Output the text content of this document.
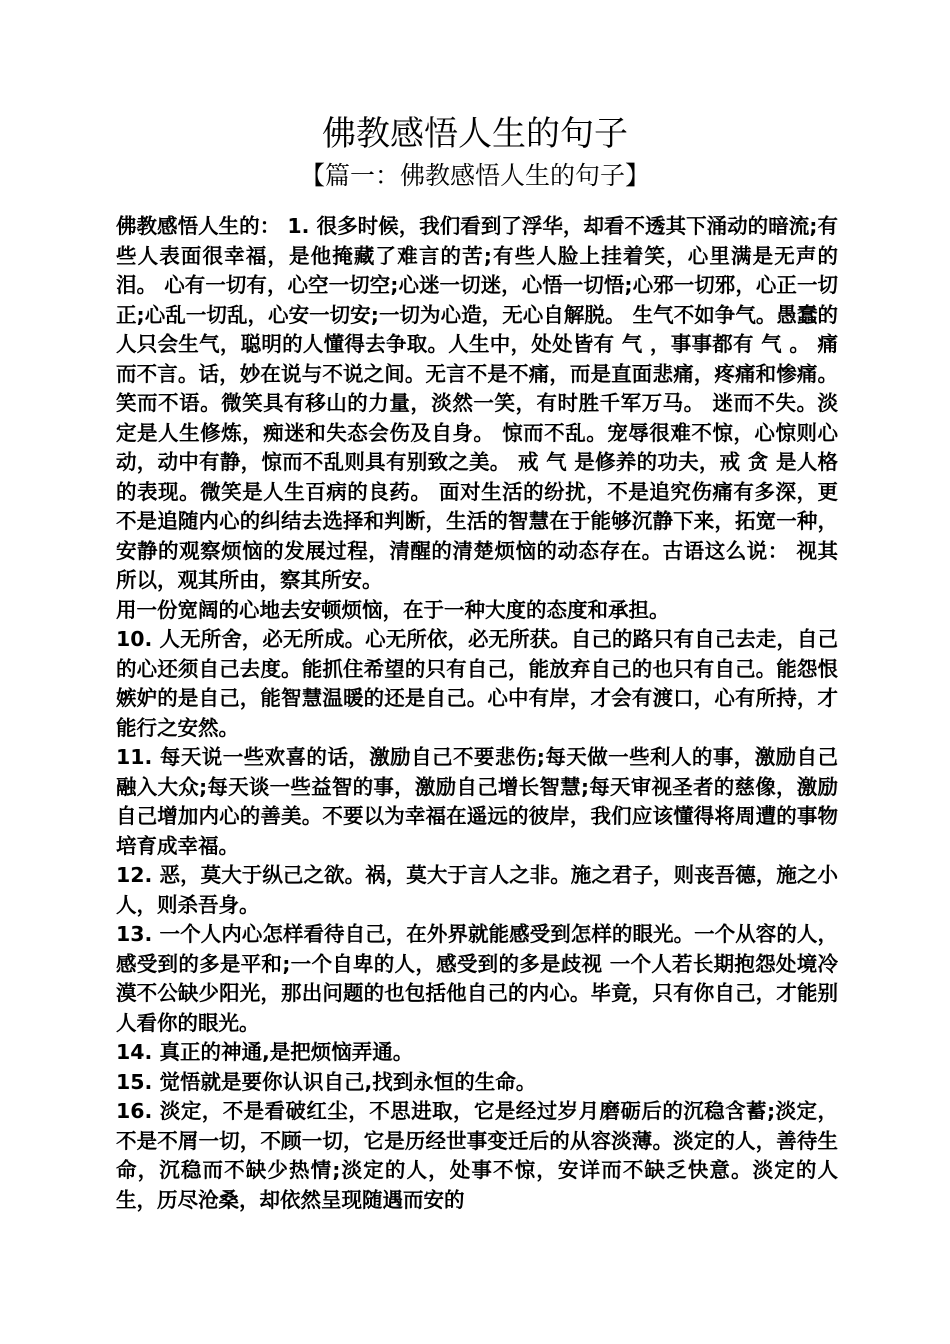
佛教感悟人生的句子
【篇一：佛教感悟人生的句子】

佛教感悟人生的： 1. 很多时候，我们看到了浮华，却看不透其下涌动的暗流;有些人表面很幸福，是他掩藏了难言的苦;有些人脸上挂着笑，心里满是无声的泪。 心有一切有，心空一切空;心迷一切迷，心悟一切悟;心邪一切邪，心正一切正;心乱一切乱，心安一切安;一切为心造，无心自解脱。 生气不如争气。愚蠢的人只会生气，聪明的人懂得去争取。人生中，处处皆有 气 ，事事都有 气 。 痛而不言。话，妙在说与不说之间。无言不是不痛，而是直面悲痛，疼痛和惨痛。 笑而不语。微笑具有移山的力量，淡然一笑，有时胜千军万马。 迷而不失。淡定是人生修炼，痴迷和失态会伤及自身。 惊而不乱。宠辱很难不惊，心惊则心动，动中有静，惊而不乱则具有别致之美。 戒 气 是修养的功夫，戒 贪 是人格的表现。微笑是人生百病的良药。 面对生活的纷扰，不是追究伤痛有多深，更不是追随内心的纠结去选择和判断，生活的智慧在于能够沉静下来，拓宽一种，安静的观察烦恼的发展过程，清醒的清楚烦恼的动态存在。古语这么说： 视其所以，观其所由，察其所安。

用一份宽阔的心地去安顿烦恼，在于一种大度的态度和承担。

10. 人无所舍，必无所成。心无所依，必无所获。自己的路只有自己去走，自己的心还须自己去度。能抓住希望的只有自己，能放弃自己的也只有自己。能怨恨嫉妒的是自己，能智慧温暖的还是自己。心中有岸，才会有渡口，心有所持，才能行之安然。

11. 每天说一些欢喜的话，激励自己不要悲伤;每天做一些利人的事，激励自己融入大众;每天谈一些益智的事，激励自己增长智慧;每天审视圣者的慈像，激励自己增加内心的善美。不要以为幸福在遥远的彼岸，我们应该懂得将周遭的事物培育成幸福。

12. 恶，莫大于纵己之欲。祸，莫大于言人之非。施之君子，则丧吾德，施之小人，则杀吾身。

13. 一个人内心怎样看待自己，在外界就能感受到怎样的眼光。一个从容的人，感受到的多是平和;一个自卑的人，感受到的多是歧视 一个人若长期抱怨处境冷漠不公缺少阳光，那出问题的也包括他自己的内心。毕竟，只有你自己，才能别人看你的眼光。

14. 真正的神通,是把烦恼弄通。

15. 觉悟就是要你认识自己,找到永恒的生命。

16. 淡定，不是看破红尘，不思进取，它是经过岁月磨砺后的沉稳含蓄;淡定，不是不屑一切，不顾一切，它是历经世事变迁后的从容淡薄。淡定的人，善待生命，沉稳而不缺少热情;淡定的人，处事不惊，安详而不缺乏快意。淡定的人生，历尽沧桑，却依然呈现随遇而安的
